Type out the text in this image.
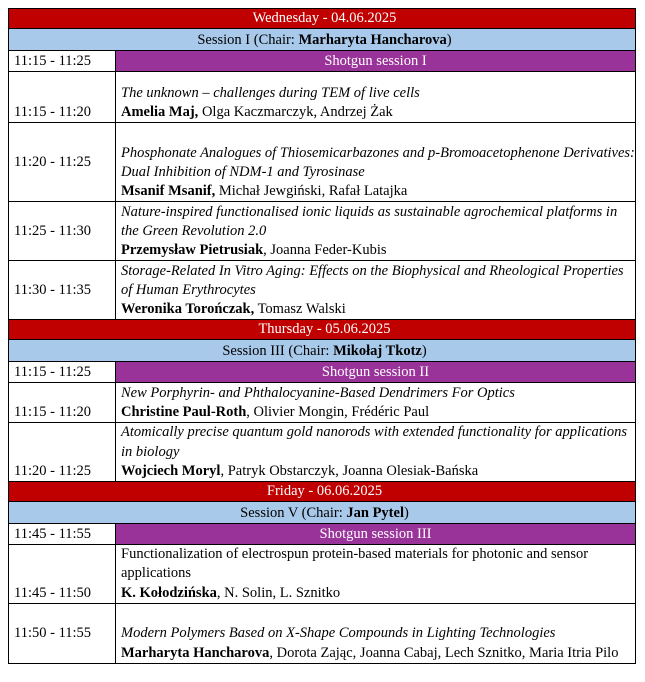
Wednesday - 04.06.2025	
Session I (Chair: Marharyta Hancharova)	
11:15 - 11:25	Shotgun session I
11:15 - 11:20	The unknown – challenges during TEM of live cells
Amelia Maj, Olga Kaczmarczyk, Andrzej Żak

11:20 - 11:25	Phosphonate Analogues of Thiosemicarbazones and p-Bromoacetophenone Derivatives: Dual Inhibition of NDM-1 and Tyrosinase
Msanif Msanif, Michał Jewgiński, Rafał Latajka

11:25 - 11:30	Nature-inspired functionalised ionic liquids as sustainable agrochemical platforms in the Green Revolution 2.0
Przemysław Pietrusiak, Joanna Feder-Kubis

11:30 - 11:35	Storage-Related In Vitro Aging: Effects on the Biophysical and Rheological Properties of Human Erythrocytes
Weronika Torończak, Tomasz Walski

Thursday - 05.06.2025	
Session III (Chair: Mikołaj Tkotz)	
11:15 - 11:25	Shotgun session II
11:15 - 11:20	New Porphyrin- and Phthalocyanine-Based Dendrimers For Optics
Christine Paul-Roth, Olivier Mongin, Frédéric Paul

11:20 - 11:25	Atomically precise quantum gold nanorods with extended functionality for applications in biology
Wojciech Moryl, Patryk Obstarczyk, Joanna Olesiak-Bańska

Friday - 06.06.2025	
Session V (Chair: Jan Pytel)	
11:45 - 11:55	Shotgun session III
11:45 - 11:50	Functionalization of electrospun protein-based materials for photonic and sensor applications
K. Kołodzińska, N. Solin, L. Sznitko

11:50 - 11:55	Modern Polymers Based on X-Shape Compounds in Lighting Technologies
Marharyta Hancharova, Dorota Zając, Joanna Cabaj, Lech Sznitko, Maria Itria Pilo
